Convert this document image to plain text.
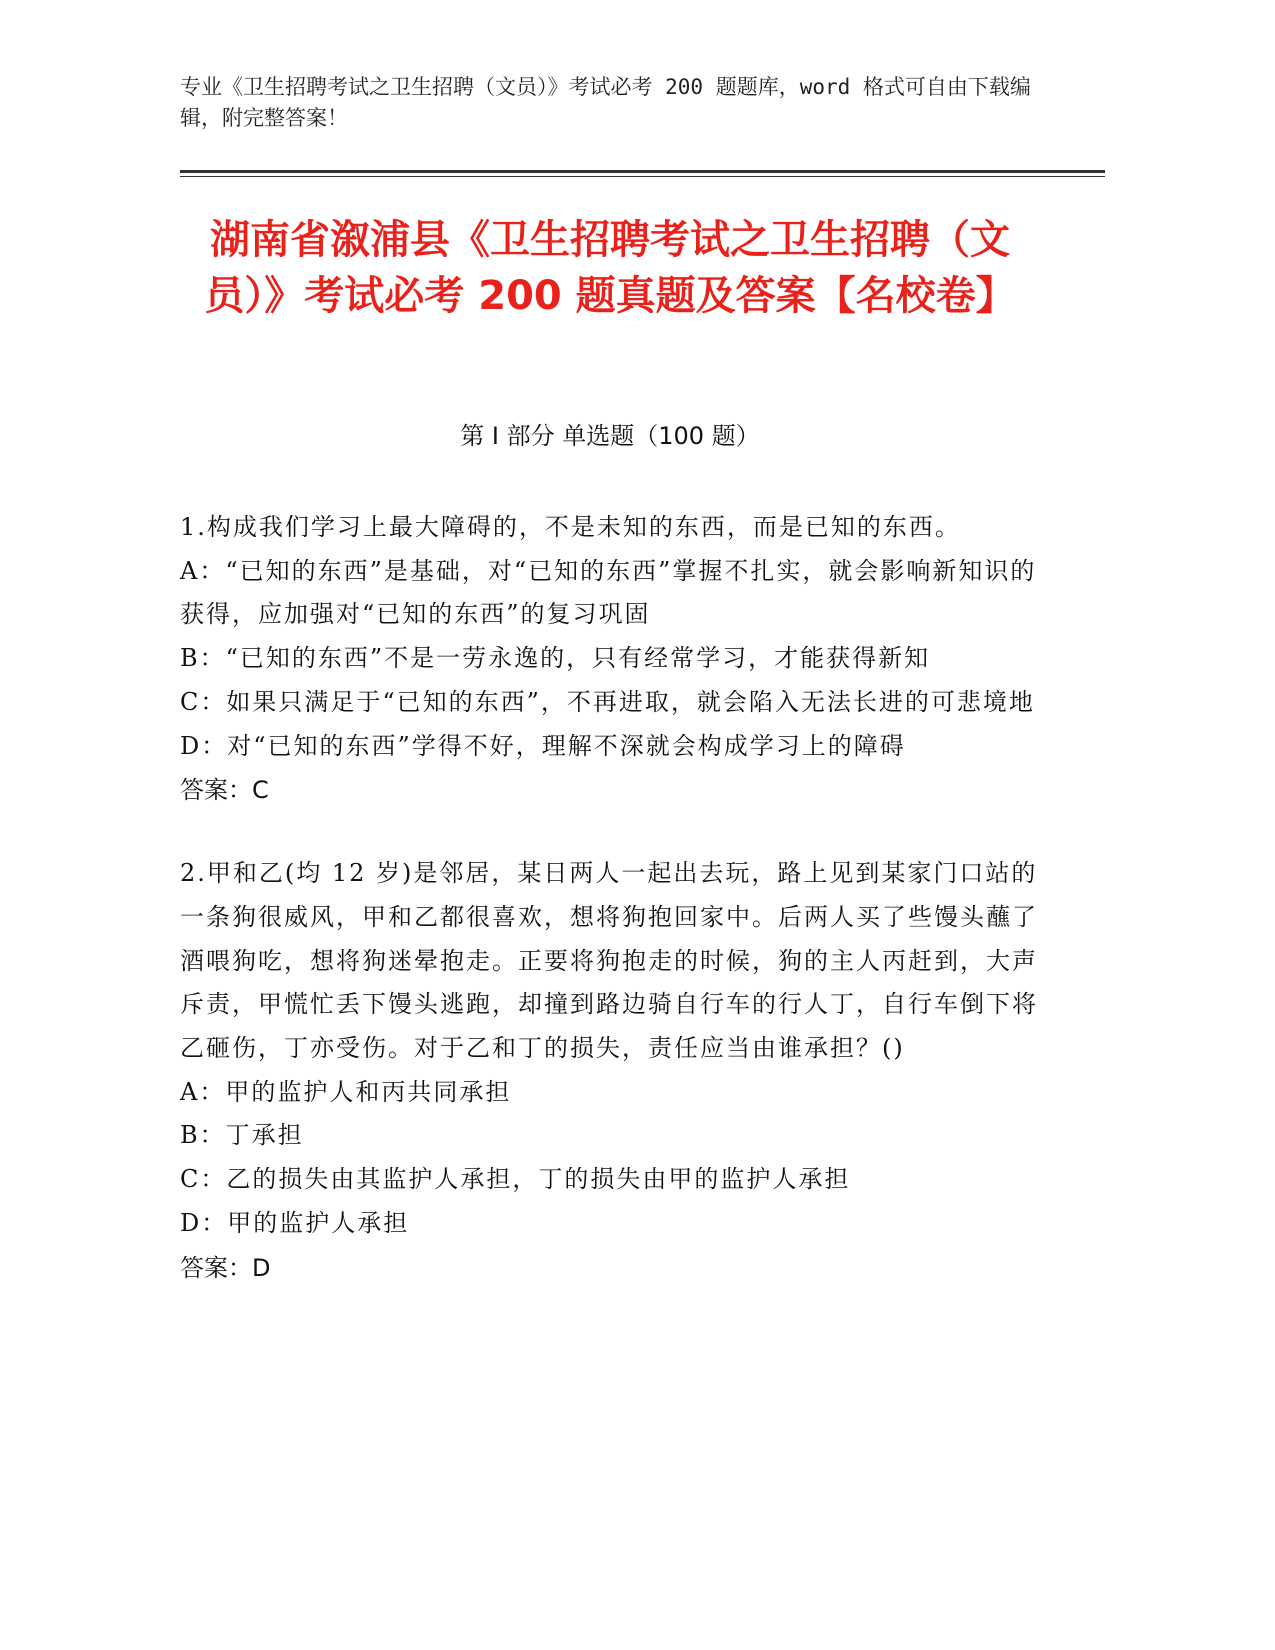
专业《卫生招聘考试之卫生招聘（文员）》考试必考 200 题题库，word 格式可自由下载编辑，附完整答案！
湖南省溆浦县《卫生招聘考试之卫生招聘（文员）》考试必考 200 题真题及答案【名校卷】
第 I 部分 单选题（100 题）

1.构成我们学习上最大障碍的，不是未知的东西，而是已知的东西。

A：“已知的东西”是基础，对“已知的东西”掌握不扎实，就会影响新知识的获得，应加强对“已知的东西”的复习巩固

B：“已知的东西”不是一劳永逸的，只有经常学习，才能获得新知

C：如果只满足于“已知的东西”，不再进取，就会陷入无法长进的可悲境地

D：对“已知的东西”学得不好，理解不深就会构成学习上的障碍

答案：C

2.甲和乙(均 12 岁)是邻居，某日两人一起出去玩，路上见到某家门口站的一条狗很威风，甲和乙都很喜欢，想将狗抱回家中。后两人买了些馒头蘸了酒喂狗吃，想将狗迷晕抱走。正要将狗抱走的时候，狗的主人丙赶到，大声斥责，甲慌忙丢下馒头逃跑，却撞到路边骑自行车的行人丁，自行车倒下将乙砸伤，丁亦受伤。对于乙和丁的损失，责任应当由谁承担？()

A：甲的监护人和丙共同承担

B：丁承担

C：乙的损失由其监护人承担，丁的损失由甲的监护人承担

D：甲的监护人承担

答案：D
